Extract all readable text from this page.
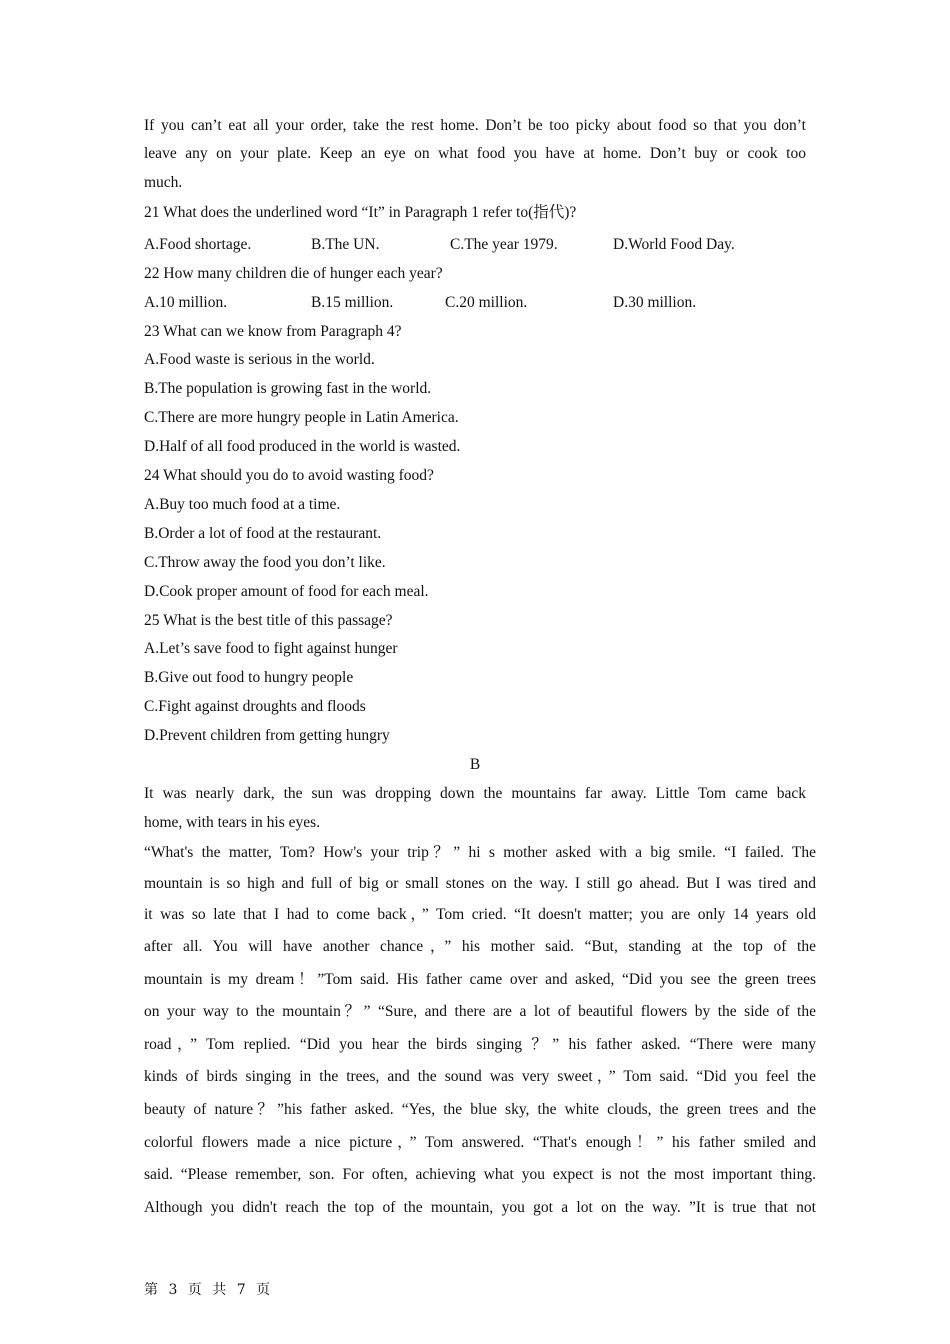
If you can’t eat all your order, take the rest home. Don’t be too picky about food so that you don’t
leave any on your plate. Keep an eye on what food you have at home. Don’t buy or cook too
much.
21 What does the underlined word “It” in Paragraph 1 refer to(指代)?
A.Food shortage.	B.The UN.	C.The year 1979.	D.World Food Day.
22 How many children die of hunger each year?
A.10 million.	B.15 million.	C.20 million.	D.30 million.
23 What can we know from Paragraph 4?
A.Food waste is serious in the world.
B.The population is growing fast in the world.
C.There are more hungry people in Latin America.
D.Half of all food produced in the world is wasted.
24 What should you do to avoid wasting food?
A.Buy too much food at a time.
B.Order a lot of food at the restaurant.
C.Throw away the food you don’t like.
D.Cook proper amount of food for each meal.
25 What is the best title of this passage?
A.Let’s save food to fight against hunger
B.Give out food to hungry people
C.Fight against droughts and floods
D.Prevent children from getting hungry
B
It was nearly dark, the sun was dropping down the mountains far away. Little Tom came back
home, with tears in his eyes.
“What's the matter, Tom? How's your trip？” hi s mother asked with a big smile. “I failed. The
mountain is so high and full of big or small stones on the way. I still go ahead. But I was tired and
it was so late that I had to come back，” Tom cried. “It doesn't matter; you are only 14 years old
after all. You will have another chance，” his mother said. “But, standing at the top of the
mountain is my dream！”Tom said. His father came over and asked, “Did you see the green trees
on your way to the mountain？” “Sure, and there are a lot of beautiful flowers by the side of the
road，” Tom replied. “Did you hear the birds singing ？” his father asked. “There were many
kinds of birds singing in the trees, and the sound was very sweet，” Tom said. “Did you feel the
beauty of nature？”his father asked. “Yes, the blue sky, the white clouds, the green trees and the
colorful flowers made a nice picture，” Tom answered. “That's enough！” his father smiled and
said. “Please remember, son. For often, achieving what you expect is not the most important thing.
Although you didn't reach the top of the mountain, you got a lot on the way. ”It is true that not
第 3 页 共 7 页
